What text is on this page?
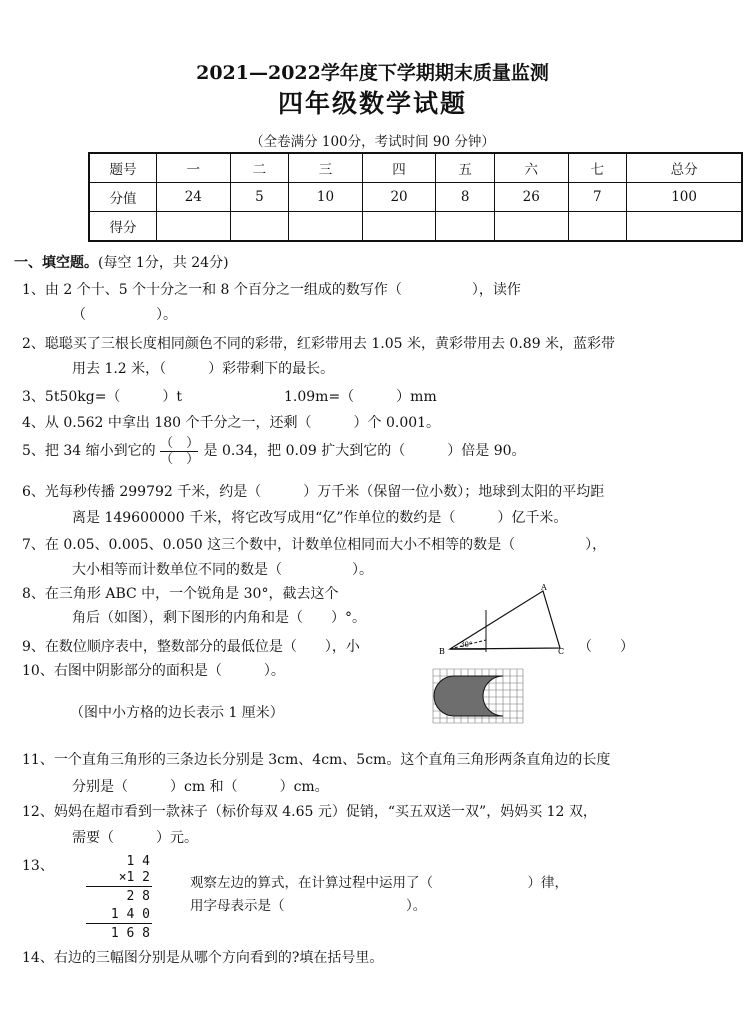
2021—2022学年度下学期期末质量监测
四年级数学试题
（全卷满分 100分，考试时间 90 分钟）
题号	一	二	三	四	五	六	七	总分
分值	24	5	10	20	8	26	7	100
得分								
一、填空题。(每空 1分，共 24分)
1、由 2 个十、5 个十分之一和 8 个百分之一组成的数写作（　　　　　），读作
（　　　　　）。
2、聪聪买了三根长度相同颜色不同的彩带，红彩带用去 1.05 米，黄彩带用去 0.89 米，蓝彩带
用去 1.2 米，（　　　）彩带剩下的最长。
3、5t50kg=（　　　）t	1.09m=（　　　）mm
4、从 0.562 中拿出 180 个千分之一，还剩（　　　）个 0.001。
5、把 34 缩小到它的 $\frac{( )}{( )}$ 是 0.34，把 0.09 扩大到它的（　　　）倍是 90。
6、光每秒传播 299792 千米，约是（　　　）万千米（保留一位小数）；地球到太阳的平均距
离是 149600000 千米，将它改写成用“亿”作单位的数约是（　　　）亿千米。
7、在 0.05、0.005、0.050 这三个数中，计数单位相同而大小不相等的数是（　　　　　），
大小相等而计数单位不同的数是（　　　　　）。
8、在三角形 ABC 中，一个锐角是 30°，截去这个
角后（如图），剩下图形的内角和是（　　）°。
A
B	C
30°
9、在数位顺序表中，整数部分的最低位是（　　），小	（　　）
10、右图中阴影部分的面积是（　　　）。
（图中小方格的边长表示 1 厘米）
11、一个直角三角形的三条边长分别是 3cm、4cm、5cm。这个直角三角形两条直角边的长度
分别是（　　　）cm 和（　　　）cm。
12、妈妈在超市看到一款袜子（标价每双 4.65 元）促销，“买五双送一双”，妈妈买 12 双，
需要（　　　）元。
13、	1 4
×1 2
2 8
1 4 0
1 6 8
观察左边的算式，在计算过程中运用了（　　　　　　　）律，
用字母表示是（　　　　　　　　　）。
14、右边的三幅图分别是从哪个方向看到的?填在括号里。
